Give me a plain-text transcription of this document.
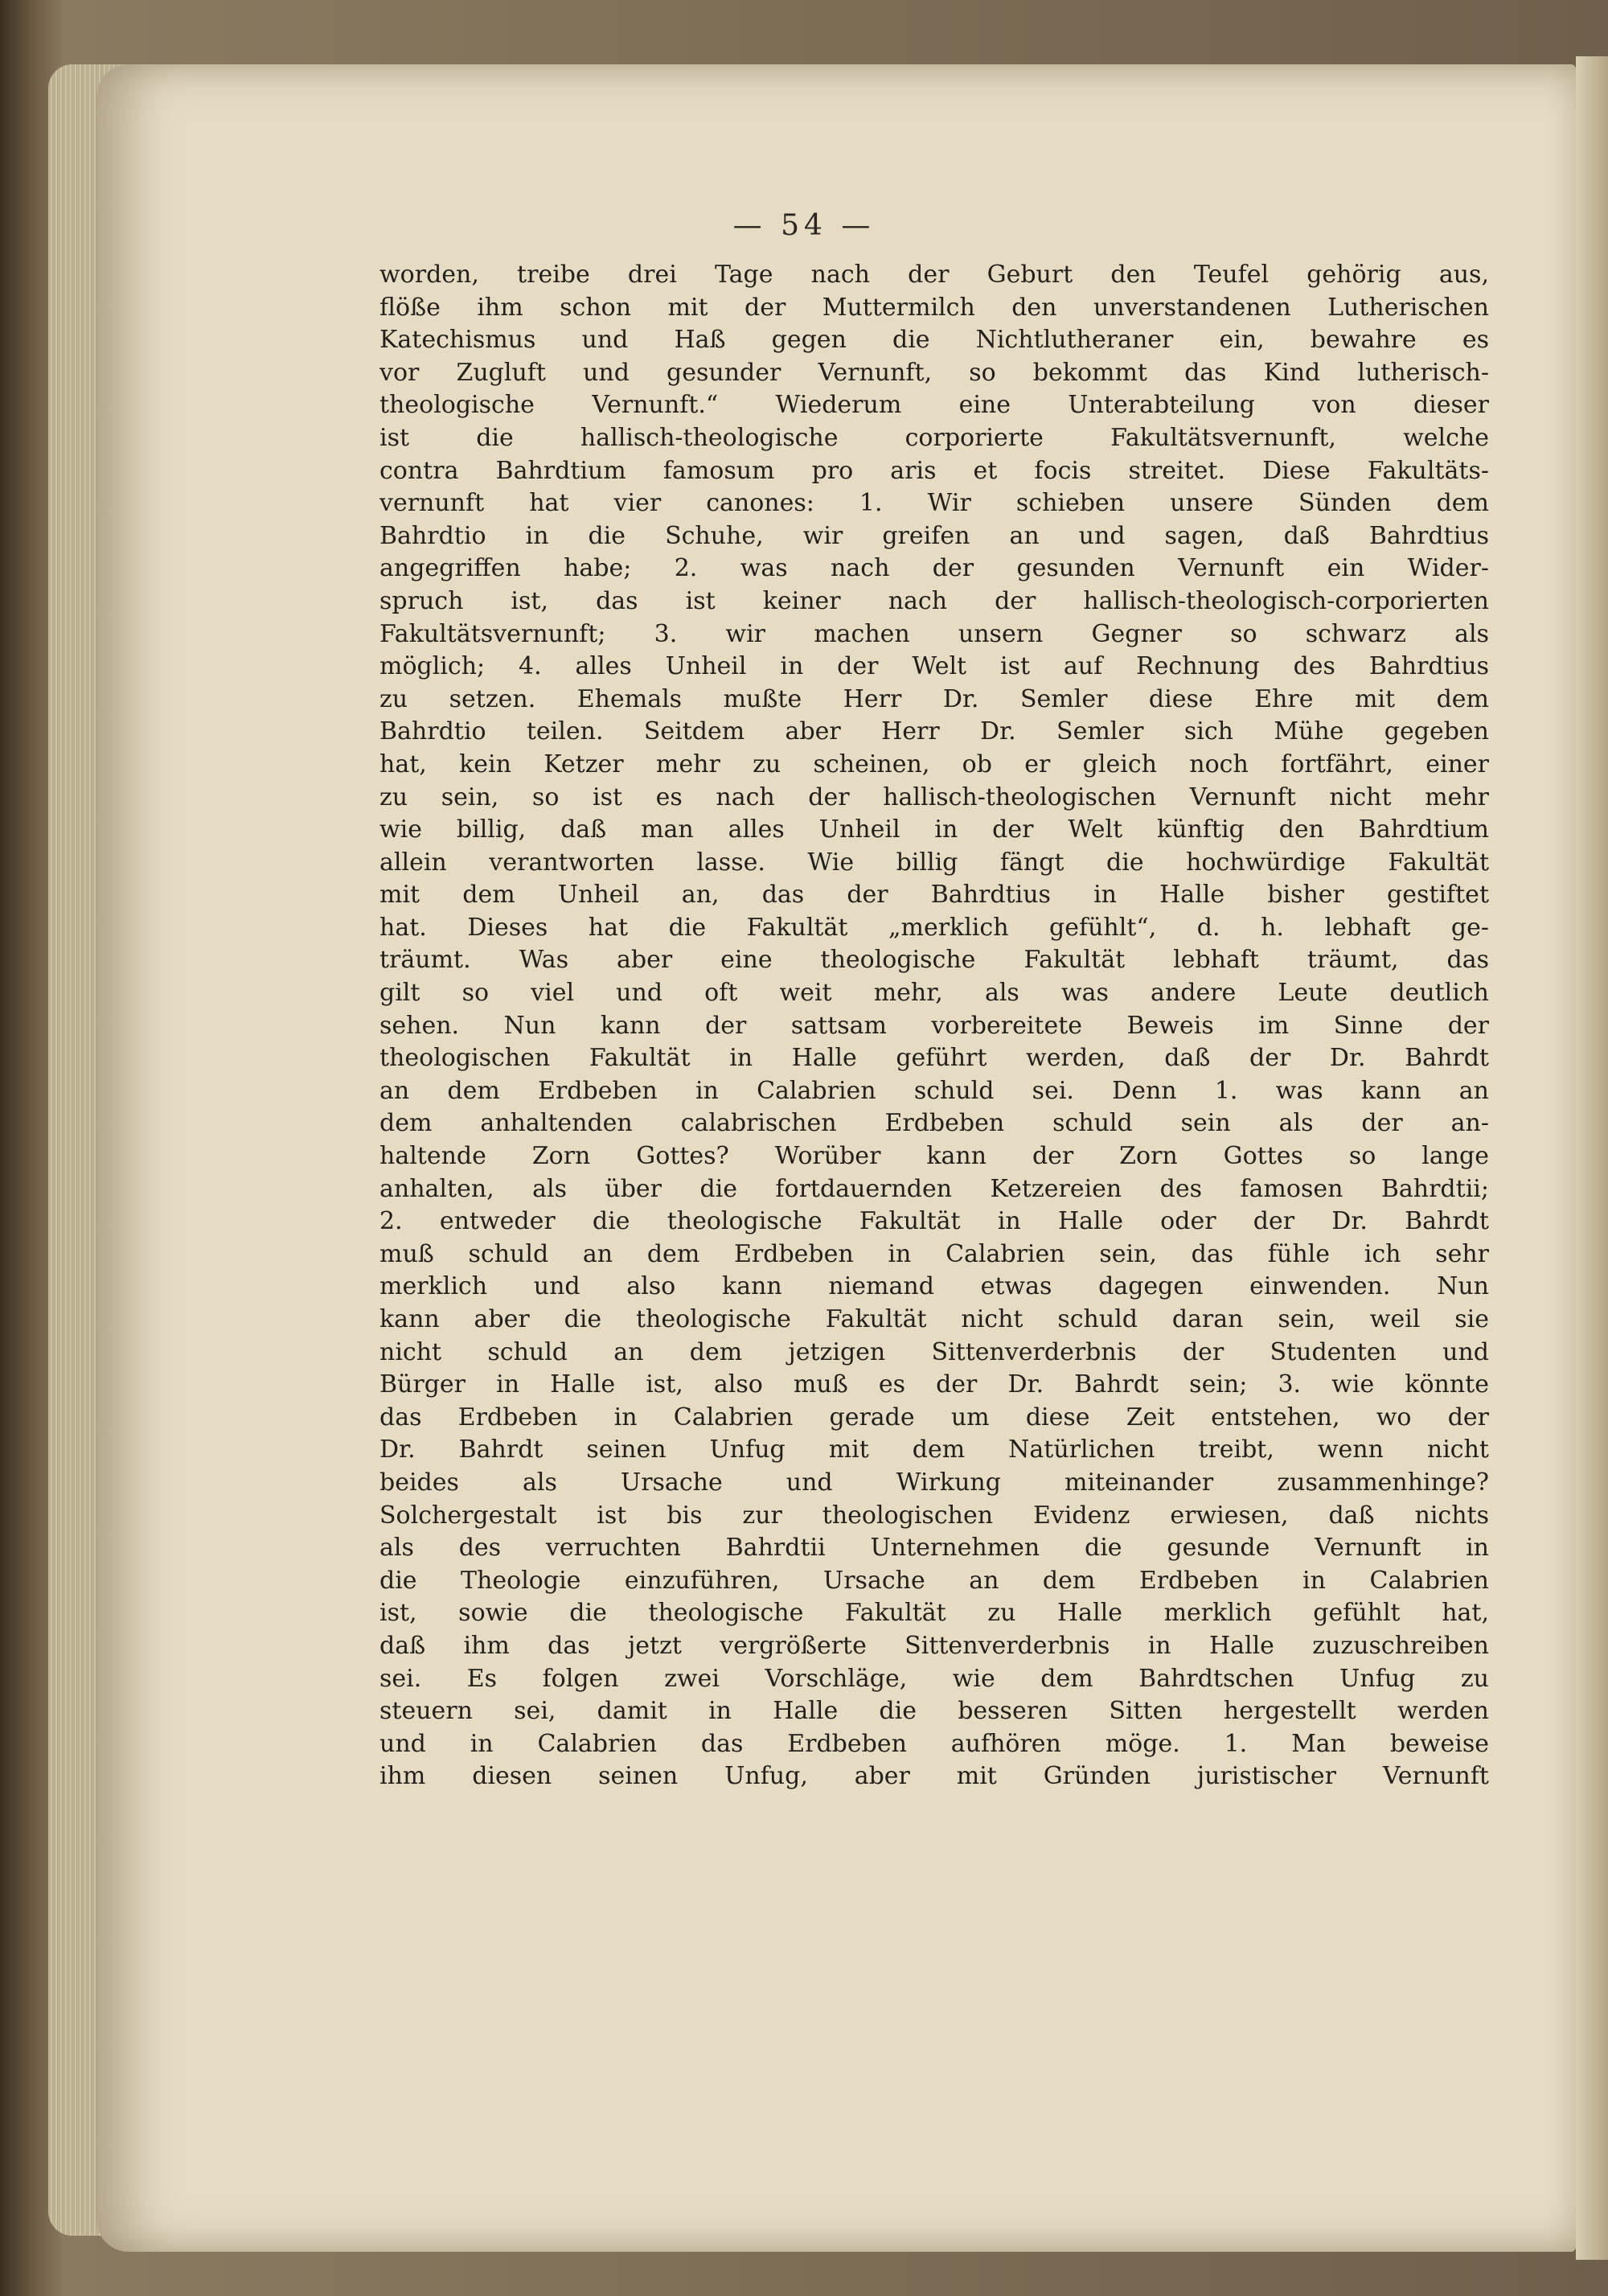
— 54 —
worden, treibe drei Tage nach der Geburt den Teufel gehörig aus,
flöße ihm schon mit der Muttermilch den unverstandenen Lutherischen
Katechismus und Haß gegen die Nichtlutheraner ein, bewahre es
vor Zugluft und gesunder Vernunft, so bekommt das Kind lutherisch-
theologische Vernunft.“ Wiederum eine Unterabteilung von dieser
ist die hallisch-theologische corporierte Fakultätsvernunft, welche
contra Bahrdtium famosum pro aris et focis streitet. Diese Fakultäts-
vernunft hat vier canones: 1. Wir schieben unsere Sünden dem
Bahrdtio in die Schuhe, wir greifen an und sagen, daß Bahrdtius
angegriffen habe; 2. was nach der gesunden Vernunft ein Wider-
spruch ist, das ist keiner nach der hallisch-theologisch-corporierten
Fakultätsvernunft; 3. wir machen unsern Gegner so schwarz als
möglich; 4. alles Unheil in der Welt ist auf Rechnung des Bahrdtius
zu setzen. Ehemals mußte Herr Dr. Semler diese Ehre mit dem
Bahrdtio teilen. Seitdem aber Herr Dr. Semler sich Mühe gegeben
hat, kein Ketzer mehr zu scheinen, ob er gleich noch fortfährt, einer
zu sein, so ist es nach der hallisch-theologischen Vernunft nicht mehr
wie billig, daß man alles Unheil in der Welt künftig den Bahrdtium
allein verantworten lasse. Wie billig fängt die hochwürdige Fakultät
mit dem Unheil an, das der Bahrdtius in Halle bisher gestiftet
hat. Dieses hat die Fakultät „merklich gefühlt“, d. h. lebhaft ge-
träumt. Was aber eine theologische Fakultät lebhaft träumt, das
gilt so viel und oft weit mehr, als was andere Leute deutlich
sehen. Nun kann der sattsam vorbereitete Beweis im Sinne der
theologischen Fakultät in Halle geführt werden, daß der Dr. Bahrdt
an dem Erdbeben in Calabrien schuld sei. Denn 1. was kann an
dem anhaltenden calabrischen Erdbeben schuld sein als der an-
haltende Zorn Gottes? Worüber kann der Zorn Gottes so lange
anhalten, als über die fortdauernden Ketzereien des famosen Bahrdtii;
2. entweder die theologische Fakultät in Halle oder der Dr. Bahrdt
muß schuld an dem Erdbeben in Calabrien sein, das fühle ich sehr
merklich und also kann niemand etwas dagegen einwenden. Nun
kann aber die theologische Fakultät nicht schuld daran sein, weil sie
nicht schuld an dem jetzigen Sittenverderbnis der Studenten und
Bürger in Halle ist, also muß es der Dr. Bahrdt sein; 3. wie könnte
das Erdbeben in Calabrien gerade um diese Zeit entstehen, wo der
Dr. Bahrdt seinen Unfug mit dem Natürlichen treibt, wenn nicht
beides als Ursache und Wirkung miteinander zusammenhinge?
Solchergestalt ist bis zur theologischen Evidenz erwiesen, daß nichts
als des verruchten Bahrdtii Unternehmen die gesunde Vernunft in
die Theologie einzuführen, Ursache an dem Erdbeben in Calabrien
ist, sowie die theologische Fakultät zu Halle merklich gefühlt hat,
daß ihm das jetzt vergrößerte Sittenverderbnis in Halle zuzuschreiben
sei. Es folgen zwei Vorschläge, wie dem Bahrdtschen Unfug zu
steuern sei, damit in Halle die besseren Sitten hergestellt werden
und in Calabrien das Erdbeben aufhören möge. 1. Man beweise
ihm diesen seinen Unfug, aber mit Gründen juristischer Vernunft
